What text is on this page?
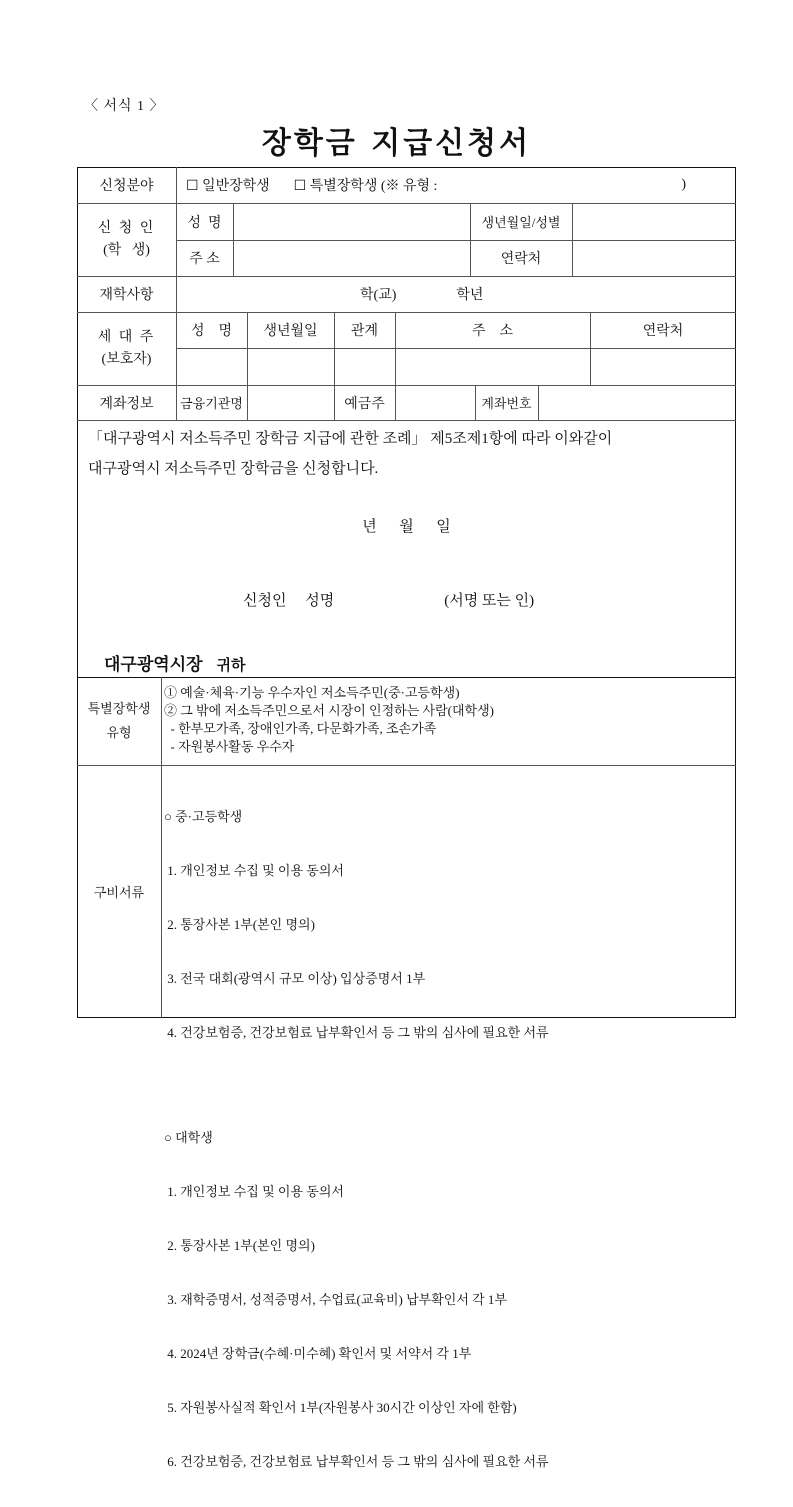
〈 서식 1 〉
장학금 지급신청서
신청분야	☐ 일반장학생 ☐ 특별장학생 (※ 유형 :	)
신 청 인
(학   생)
성  명	생년월일/성별
주 소	연락처
재학사항	학(교)	학년
세 대 주
(보호자)
성    명	생년월일	관계	주    소	연락처
계좌정보	금융기관명	예금주	계좌번호
「대구광역시 저소득주민 장학금 지급에 관한 조례」 제5조제1항에 따라 이와같이
대구광역시 저소득주민 장학금을 신청합니다.
년      월      일
신청인     성명	(서명 또는 인)
대구광역시장 귀하
특별장학생
유형
① 예술·체육·기능 우수자인 저소득주민(중·고등학생)
② 그 밖에 저소득주민으로서 시장이 인정하는 사람(대학생)
- 한부모가족, 장애인가족, 다문화가족, 조손가족
- 자원봉사활동 우수자
구비서류

○ 중·고등학생

1. 개인정보 수집 및 이용 동의서

2. 통장사본 1부(본인 명의)

3. 전국 대회(광역시 규모 이상) 입상증명서 1부

4. 건강보험증, 건강보험료 납부확인서 등 그 밖의 심사에 필요한 서류

○ 대학생

1. 개인정보 수집 및 이용 동의서

2. 통장사본 1부(본인 명의)

3. 재학증명서, 성적증명서, 수업료(교육비) 납부확인서 각 1부

4. 2024년 장학금(수혜·미수혜) 확인서 및 서약서 각 1부

5. 자원봉사실적 확인서 1부(자원봉사 30시간 이상인 자에 한함)

6. 건강보험증, 건강보험료 납부확인서 등 그 밖의 심사에 필요한 서류
